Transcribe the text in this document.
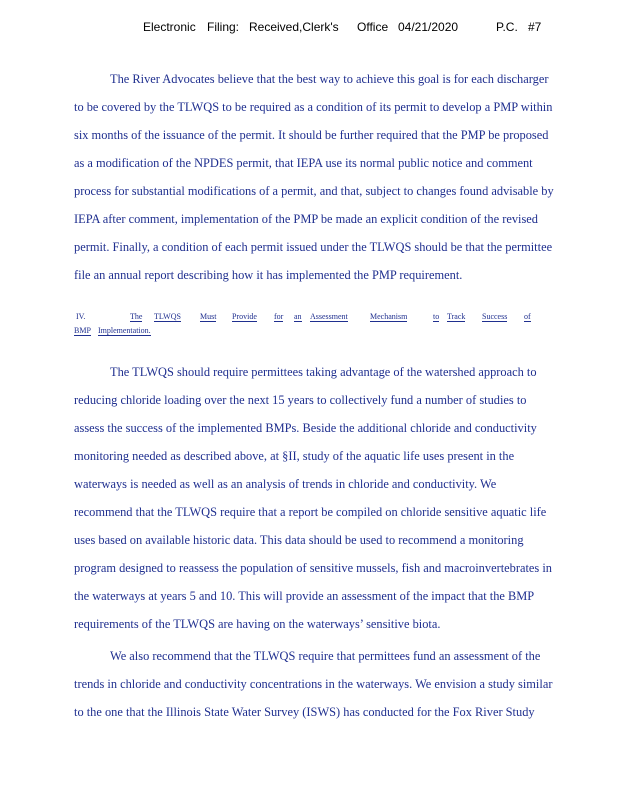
Electronic Filing: Received,Clerk's Office 04/21/2020	P.C. #7
The River Advocates believe that the best way to achieve this goal is for each discharger
to be covered by the TLWQS to be required as a condition of its permit to develop a PMP within
six months of the issuance of the permit. It should be further required that the PMP be proposed
as a modification of the NPDES permit, that IEPA use its normal public notice and comment
process for substantial modifications of a permit, and that, subject to changes found advisable by
IEPA after comment, implementation of the PMP be made an explicit condition of the revised
permit. Finally, a condition of each permit issued under the TLWQS should be that the permittee
file an annual report describing how it has implemented the PMP requirement.
IV.	The TLWQS Must Provide for an Assessment	Mechanism	to Track Success of
BMP Implementation.
The TLWQS should require permittees taking advantage of the watershed approach to
reducing chloride loading over the next 15 years to collectively fund a number of studies to
assess the success of the implemented BMPs. Beside the additional chloride and conductivity
monitoring needed as described above, at §II, study of the aquatic life uses present in the
waterways is needed as well as an analysis of trends in chloride and conductivity. We
recommend that the TLWQS require that a report be compiled on chloride sensitive aquatic life
uses based on available historic data. This data should be used to recommend a monitoring
program designed to reassess the population of sensitive mussels, fish and macroinvertebrates in
the waterways at years 5 and 10. This will provide an assessment of the impact that the BMP
requirements of the TLWQS are having on the waterways’ sensitive biota.
We also recommend that the TLWQS require that permittees fund an assessment of the
trends in chloride and conductivity concentrations in the waterways. We envision a study similar
to the one that the Illinois State Water Survey (ISWS) has conducted for the Fox River Study
